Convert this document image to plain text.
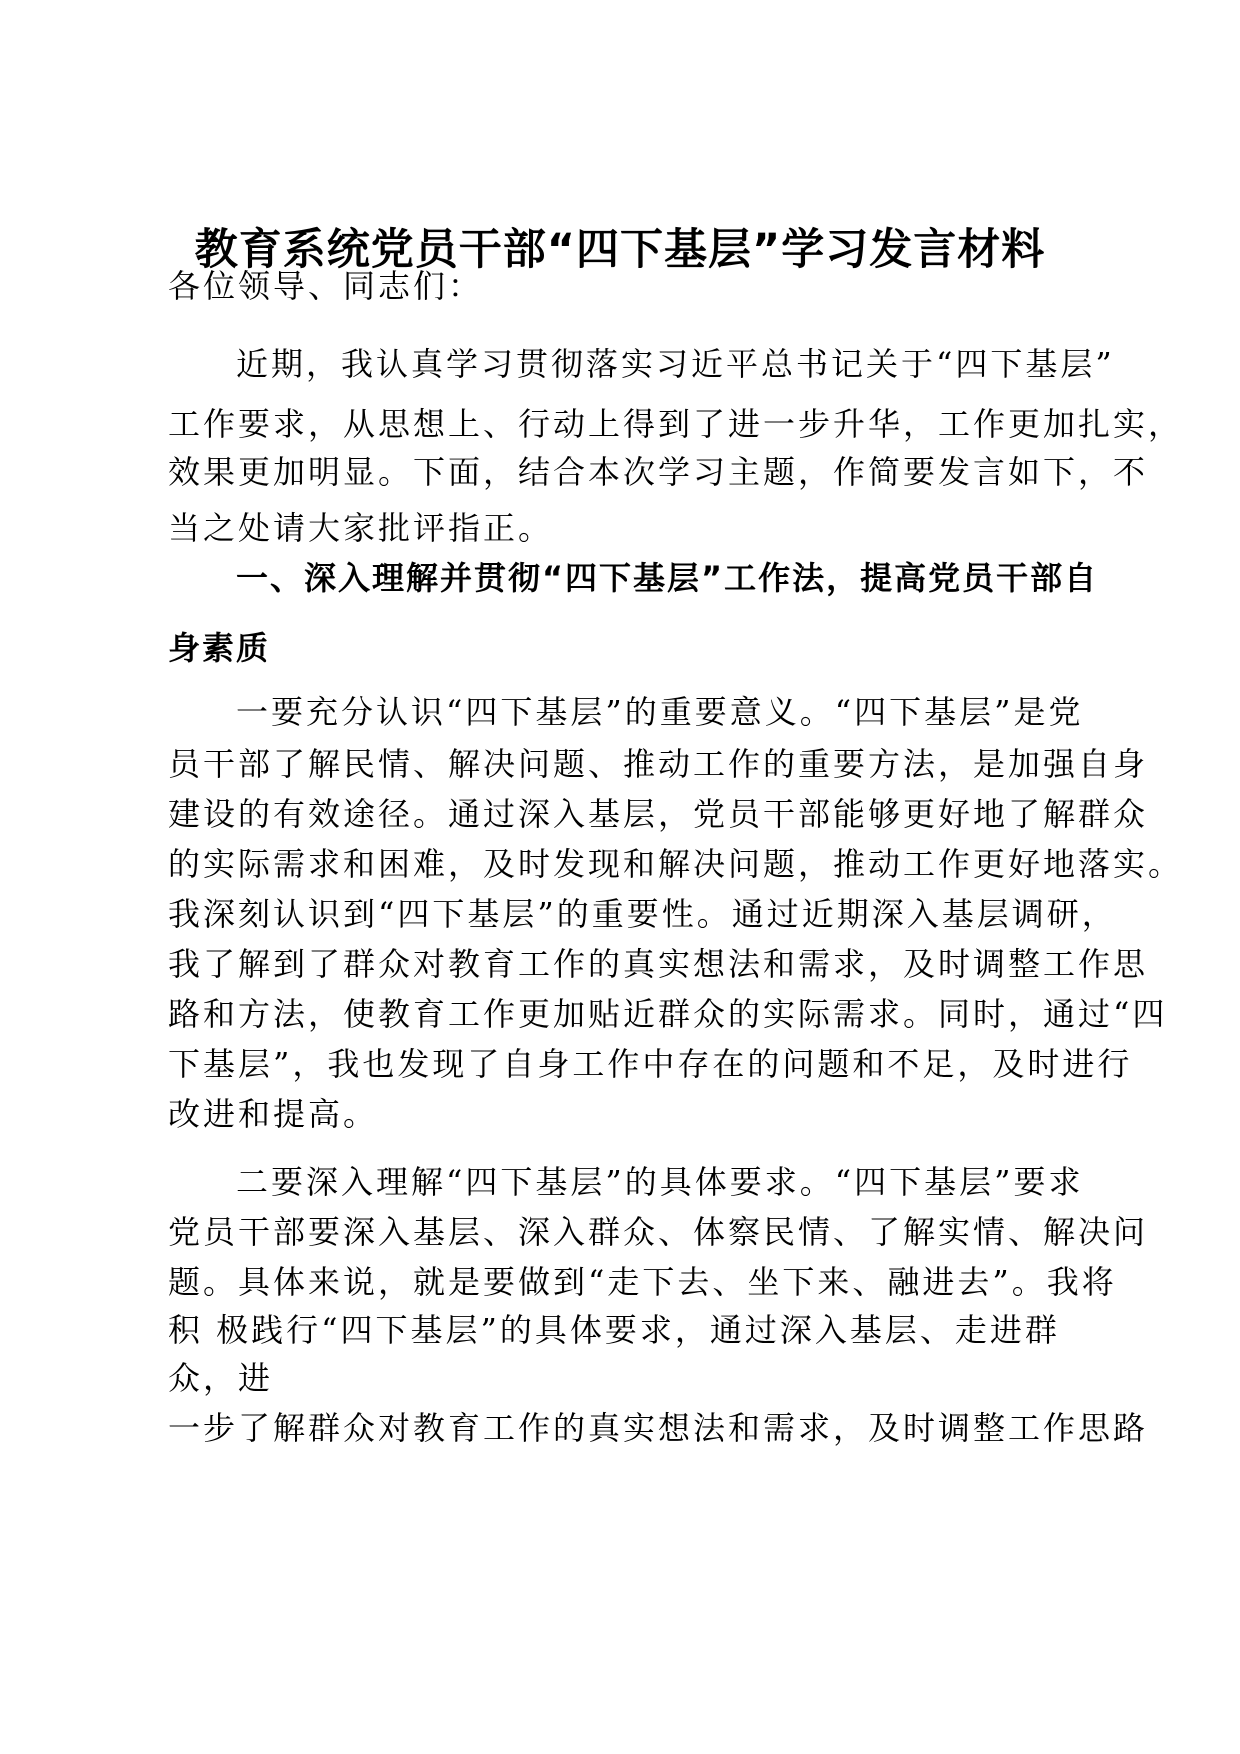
教育系统党员干部“四下基层”学习发言材料
各位领导、同志们：
近期，我认真学习贯彻落实习近平总书记关于“四下基层”
工作要求，从思想上、行动上得到了进一步升华，工作更加扎实，
效果更加明显。下面，结合本次学习主题，作简要发言如下，不
当之处请大家批评指正。
一、深入理解并贯彻“四下基层”工作法，提高党员干部自
身素质
一要充分认识“四下基层”的重要意义。“四下基层”是党
员干部了解民情、解决问题、推动工作的重要方法，是加强自身
建设的有效途径。通过深入基层，党员干部能够更好地了解群众
的实际需求和困难，及时发现和解决问题，推动工作更好地落实。
我深刻认识到“四下基层”的重要性。通过近期深入基层调研，
我了解到了群众对教育工作的真实想法和需求，及时调整工作思
路和方法，使教育工作更加贴近群众的实际需求。同时，通过“四
下基层”，我也发现了自身工作中存在的问题和不足，及时进行
改进和提高。
二要深入理解“四下基层”的具体要求。“四下基层”要求
党员干部要深入基层、深入群众、体察民情、了解实情、解决问
题。具体来说，就是要做到“走下去、坐下来、融进去”。我将
积 极践行“四下基层”的具体要求，通过深入基层、走进群
众，进
一步了解群众对教育工作的真实想法和需求，及时调整工作思路
